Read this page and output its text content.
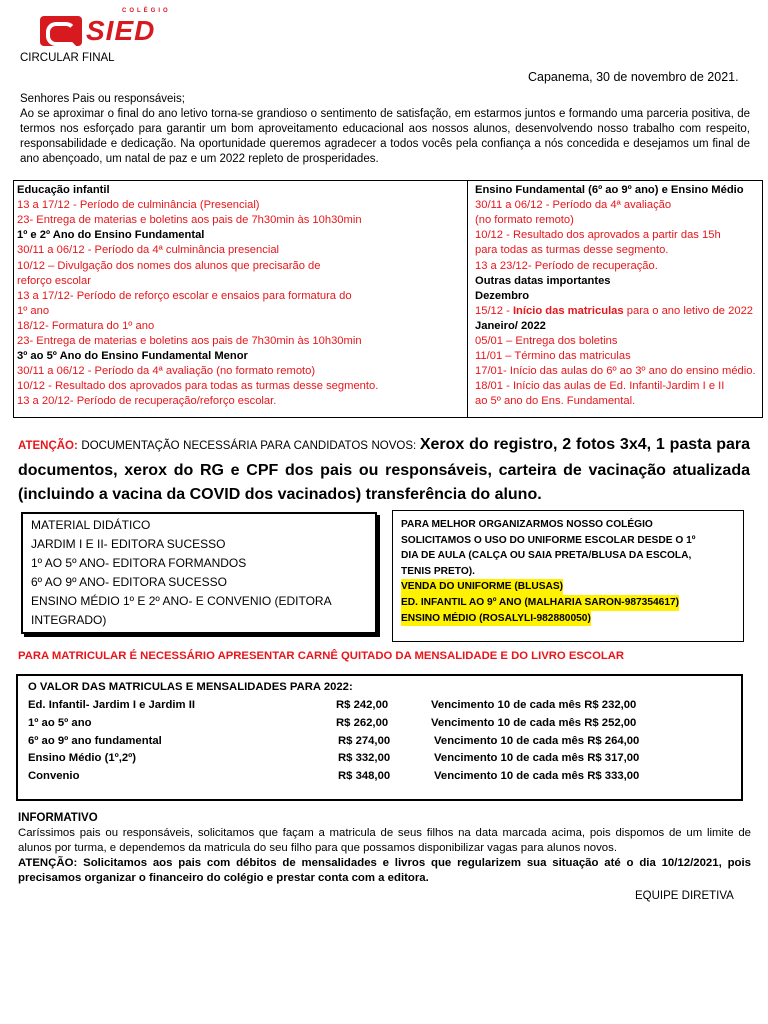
COLÉGIO
SIED
CIRCULAR FINAL
Capanema, 30 de novembro de 2021.
Senhores Pais ou responsáveis;
Ao se aproximar o final do ano letivo torna-se grandioso o sentimento de satisfação, em estarmos juntos e formando uma parceria positiva, de termos nos esforçado para garantir um bom aproveitamento educacional aos nossos alunos, desenvolvendo nosso trabalho com respeito, responsabilidade e dedicação. Na oportunidade queremos agradecer a todos vocês pela confiança a nós concedida e desejamos um final de ano abençoado, um natal de paz e um 2022 repleto de prosperidades.
Educação infantil
13 a 17/12 - Período de culminância (Presencial)
23- Entrega de materias e boletins aos pais de 7h30min às 10h30min
1º e 2º Ano do Ensino Fundamental
30/11 a 06/12 - Período da 4ª culminância presencial
10/12 – Divulgação dos nomes dos alunos que precisarão de
reforço escolar
13 a 17/12- Período de reforço escolar e ensaios para formatura do
1º ano
18/12- Formatura do 1º ano
23- Entrega de materias e boletins aos pais de 7h30min às 10h30min
3º ao 5º Ano do Ensino Fundamental Menor
30/11 a 06/12 - Período da 4ª avaliação (no formato remoto)
10/12 - Resultado dos aprovados para todas as turmas desse segmento.
13 a 20/12- Período de recuperação/reforço escolar.
Ensino Fundamental (6º ao 9º ano) e Ensino Médio
30/11 a 06/12 - Período da 4ª avaliação
(no formato remoto)
10/12 - Resultado dos aprovados a partir das 15h
para todas as turmas desse segmento.
13 a 23/12- Período de recuperação.
Outras datas importantes
Dezembro
15/12 - Início das matriculas para o ano letivo de 2022
Janeiro/ 2022
05/01 – Entrega dos boletins
11/01 – Término das matriculas
17/01- Início das aulas do 6º ao 3º ano do ensino médio.
18/01 - Início das aulas de Ed. Infantil-Jardim I e II
ao 5º ano do Ens. Fundamental.
ATENÇÃO: DOCUMENTAÇÃO NECESSÁRIA PARA CANDIDATOS NOVOS: Xerox do registro, 2 fotos 3x4, 1 pasta para documentos, xerox do RG e CPF dos pais ou responsáveis, carteira de vacinação atualizada (incluindo a vacina da COVID dos vacinados) transferência do aluno.
MATERIAL DIDÁTICO
JARDIM I E II- EDITORA SUCESSO
1º AO 5º ANO- EDITORA FORMANDOS
6º AO 9º ANO- EDITORA SUCESSO
ENSINO MÉDIO 1º E 2º ANO- E CONVENIO (EDITORA
INTEGRADO)
PARA MELHOR ORGANIZARMOS NOSSO COLÉGIO
SOLICITAMOS O USO DO UNIFORME ESCOLAR DESDE O 1º
DIA DE AULA (CALÇA OU SAIA PRETA/BLUSA DA ESCOLA,
TENIS PRETO).
VENDA DO UNIFORME (BLUSAS)
ED. INFANTIL AO 9º ANO (MALHARIA SARON-987354617)
ENSINO MÉDIO (ROSALYLI-982880050)
PARA MATRICULAR É NECESSÁRIO APRESENTAR CARNÊ QUITADO DA MENSALIDADE E DO LIVRO ESCOLAR
O VALOR DAS MATRICULAS E MENSALIDADES PARA 2022:
Ed. Infantil- Jardim I e Jardim II	R$ 242,00	Vencimento 10 de cada mês R$ 232,00
1º ao 5º ano	R$ 262,00	Vencimento 10 de cada mês R$ 252,00
6º ao 9º ano fundamental	R$ 274,00	Vencimento 10 de cada mês R$ 264,00
Ensino Médio (1º,2º)	R$ 332,00	Vencimento 10 de cada mês R$ 317,00
Convenio	R$ 348,00	Vencimento 10 de cada mês R$ 333,00
INFORMATIVO
Caríssimos pais ou responsáveis, solicitamos que façam a matricula de seus filhos na data marcada acima, pois dispomos de um limite de alunos por turma, e dependemos da matricula do seu filho para que possamos disponibilizar vagas para alunos novos.
ATENÇÃO: Solicitamos aos pais com débitos de mensalidades e livros que regularizem sua situação até o dia 10/12/2021, pois precisamos organizar o financeiro do colégio e prestar conta com a editora.
EQUIPE DIRETIVA
